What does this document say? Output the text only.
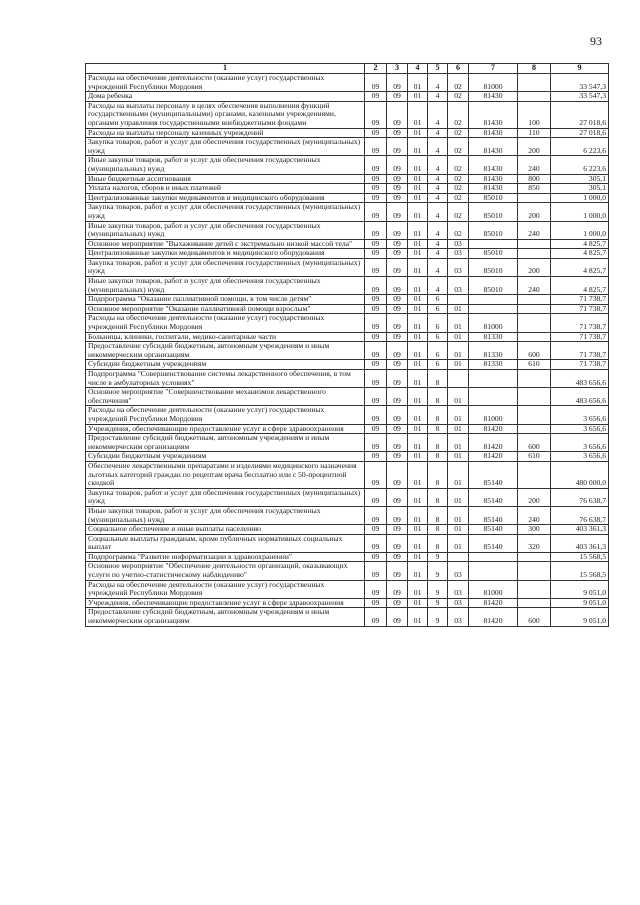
93
1	2	3	4	5	6	7	8	9
Расходы на обеспечение деятельности (оказание услуг) государственных учреждений Республики Мордовия	09	09	01	4	02	81000		33 547,3
Дома ребенка	09	09	01	4	02	81430		33 547,3
Расходы на выплаты персоналу в целях обеспечения выполнения функций государственными (муниципальными) органами, казенными учреждениями, органами управления государственными внебюджетными фондами	09	09	01	4	02	81430	100	27 018,6
Расходы на выплаты персоналу казенных учреждений	09	09	01	4	02	81430	110	27 018,6
Закупка товаров, работ и услуг для обеспечения государственных (муниципальных) нужд	09	09	01	4	02	81430	200	6 223,6
Иные закупки товаров, работ и услуг для обеспечения государственных (муниципальных) нужд	09	09	01	4	02	81430	240	6 223,6
Иные бюджетные ассигнования	09	09	01	4	02	81430	800	305,1
Уплата налогов, сборов и иных платежей	09	09	01	4	02	81430	850	305,1
Централизованные закупки медикаментов и медицинского оборудования	09	09	01	4	02	85010		1 000,0
Закупка товаров, работ и услуг для обеспечения государственных (муниципальных) нужд	09	09	01	4	02	85010	200	1 000,0
Иные закупки товаров, работ и услуг для обеспечения государственных (муниципальных) нужд	09	09	01	4	02	85010	240	1 000,0
Основное мероприятие "Выхаживание детей с экстремально низкой массой тела"	09	09	01	4	03			4 825,7
Централизованные закупки медикаментов и медицинского оборудования	09	09	01	4	03	85010		4 825,7
Закупка товаров, работ и услуг для обеспечения государственных (муниципальных) нужд	09	09	01	4	03	85010	200	4 825,7
Иные закупки товаров, работ и услуг для обеспечения государственных (муниципальных) нужд	09	09	01	4	03	85010	240	4 825,7
Подпрограмма "Оказание паллиативной помощи, в том числе детям"	09	09	01	6				71 738,7
Основное мероприятие "Оказание паллиативной помощи взрослым"	09	09	01	6	01			71 738,7
Расходы на обеспечение деятельности (оказание услуг) государственных учреждений Республики Мордовия	09	09	01	6	01	81000		71 738,7
Больницы, клиники, госпитали, медико-санитарные части	09	09	01	6	01	81330		71 738,7
Предоставление субсидий бюджетным, автономным учреждениям и иным некоммерческим организациям	09	09	01	6	01	81330	600	71 738,7
Субсидии бюджетным учреждениям	09	09	01	6	01	81330	610	71 738,7
Подпрограмма "Совершенствование системы лекарственного обеспечения, в том числе в амбулаторных условиях"	09	09	01	8				483 656,6
Основное мероприятие "Совершенствование механизмов лекарственного обеспечения"	09	09	01	8	01			483 656,6
Расходы на обеспечение деятельности (оказание услуг) государственных учреждений Республики Мордовия	09	09	01	8	01	81000		3 656,6
Учреждения, обеспечивающие предоставление услуг в сфере здравоохранения	09	09	01	8	01	81420		3 656,6
Предоставление субсидий бюджетным, автономным учреждениям и иным некоммерческим организациям	09	09	01	8	01	81420	600	3 656,6
Субсидии бюджетным учреждениям	09	09	01	8	01	81420	610	3 656,6
Обеспечение лекарственными препаратами и изделиями медицинского назначения льготных категорий граждан по рецептам врача бесплатно или с 50-процентной скидкой	09	09	01	8	01	85140		480 000,0
Закупка товаров, работ и услуг для обеспечения государственных (муниципальных) нужд	09	09	01	8	01	85140	200	76 638,7
Иные закупки товаров, работ и услуг для обеспечения государственных (муниципальных) нужд	09	09	01	8	01	85140	240	76 638,7
Социальное обеспечение и иные выплаты населению	09	09	01	8	01	85140	300	403 361,3
Социальные выплаты гражданам, кроме публичных нормативных социальных выплат	09	09	01	8	01	85140	320	403 361,3
Подпрограмма "Развитие информатизации в здравоохранении"	09	09	01	9				15 568,5
Основное мероприятие "Обеспечение деятельности организаций, оказывающих услуги по учетно-статистическому наблюдению"	09	09	01	9	03			15 568,5
Расходы на обеспечение деятельности (оказание услуг) государственных учреждений Республики Мордовия	09	09	01	9	03	81000		9 051,0
Учреждения, обеспечивающие предоставление услуг в сфере здравоохранения	09	09	01	9	03	81420		9 051,0
Предоставление субсидий бюджетным, автономным учреждениям и иным некоммерческим организациям	09	09	01	9	03	81420	600	9 051,0
